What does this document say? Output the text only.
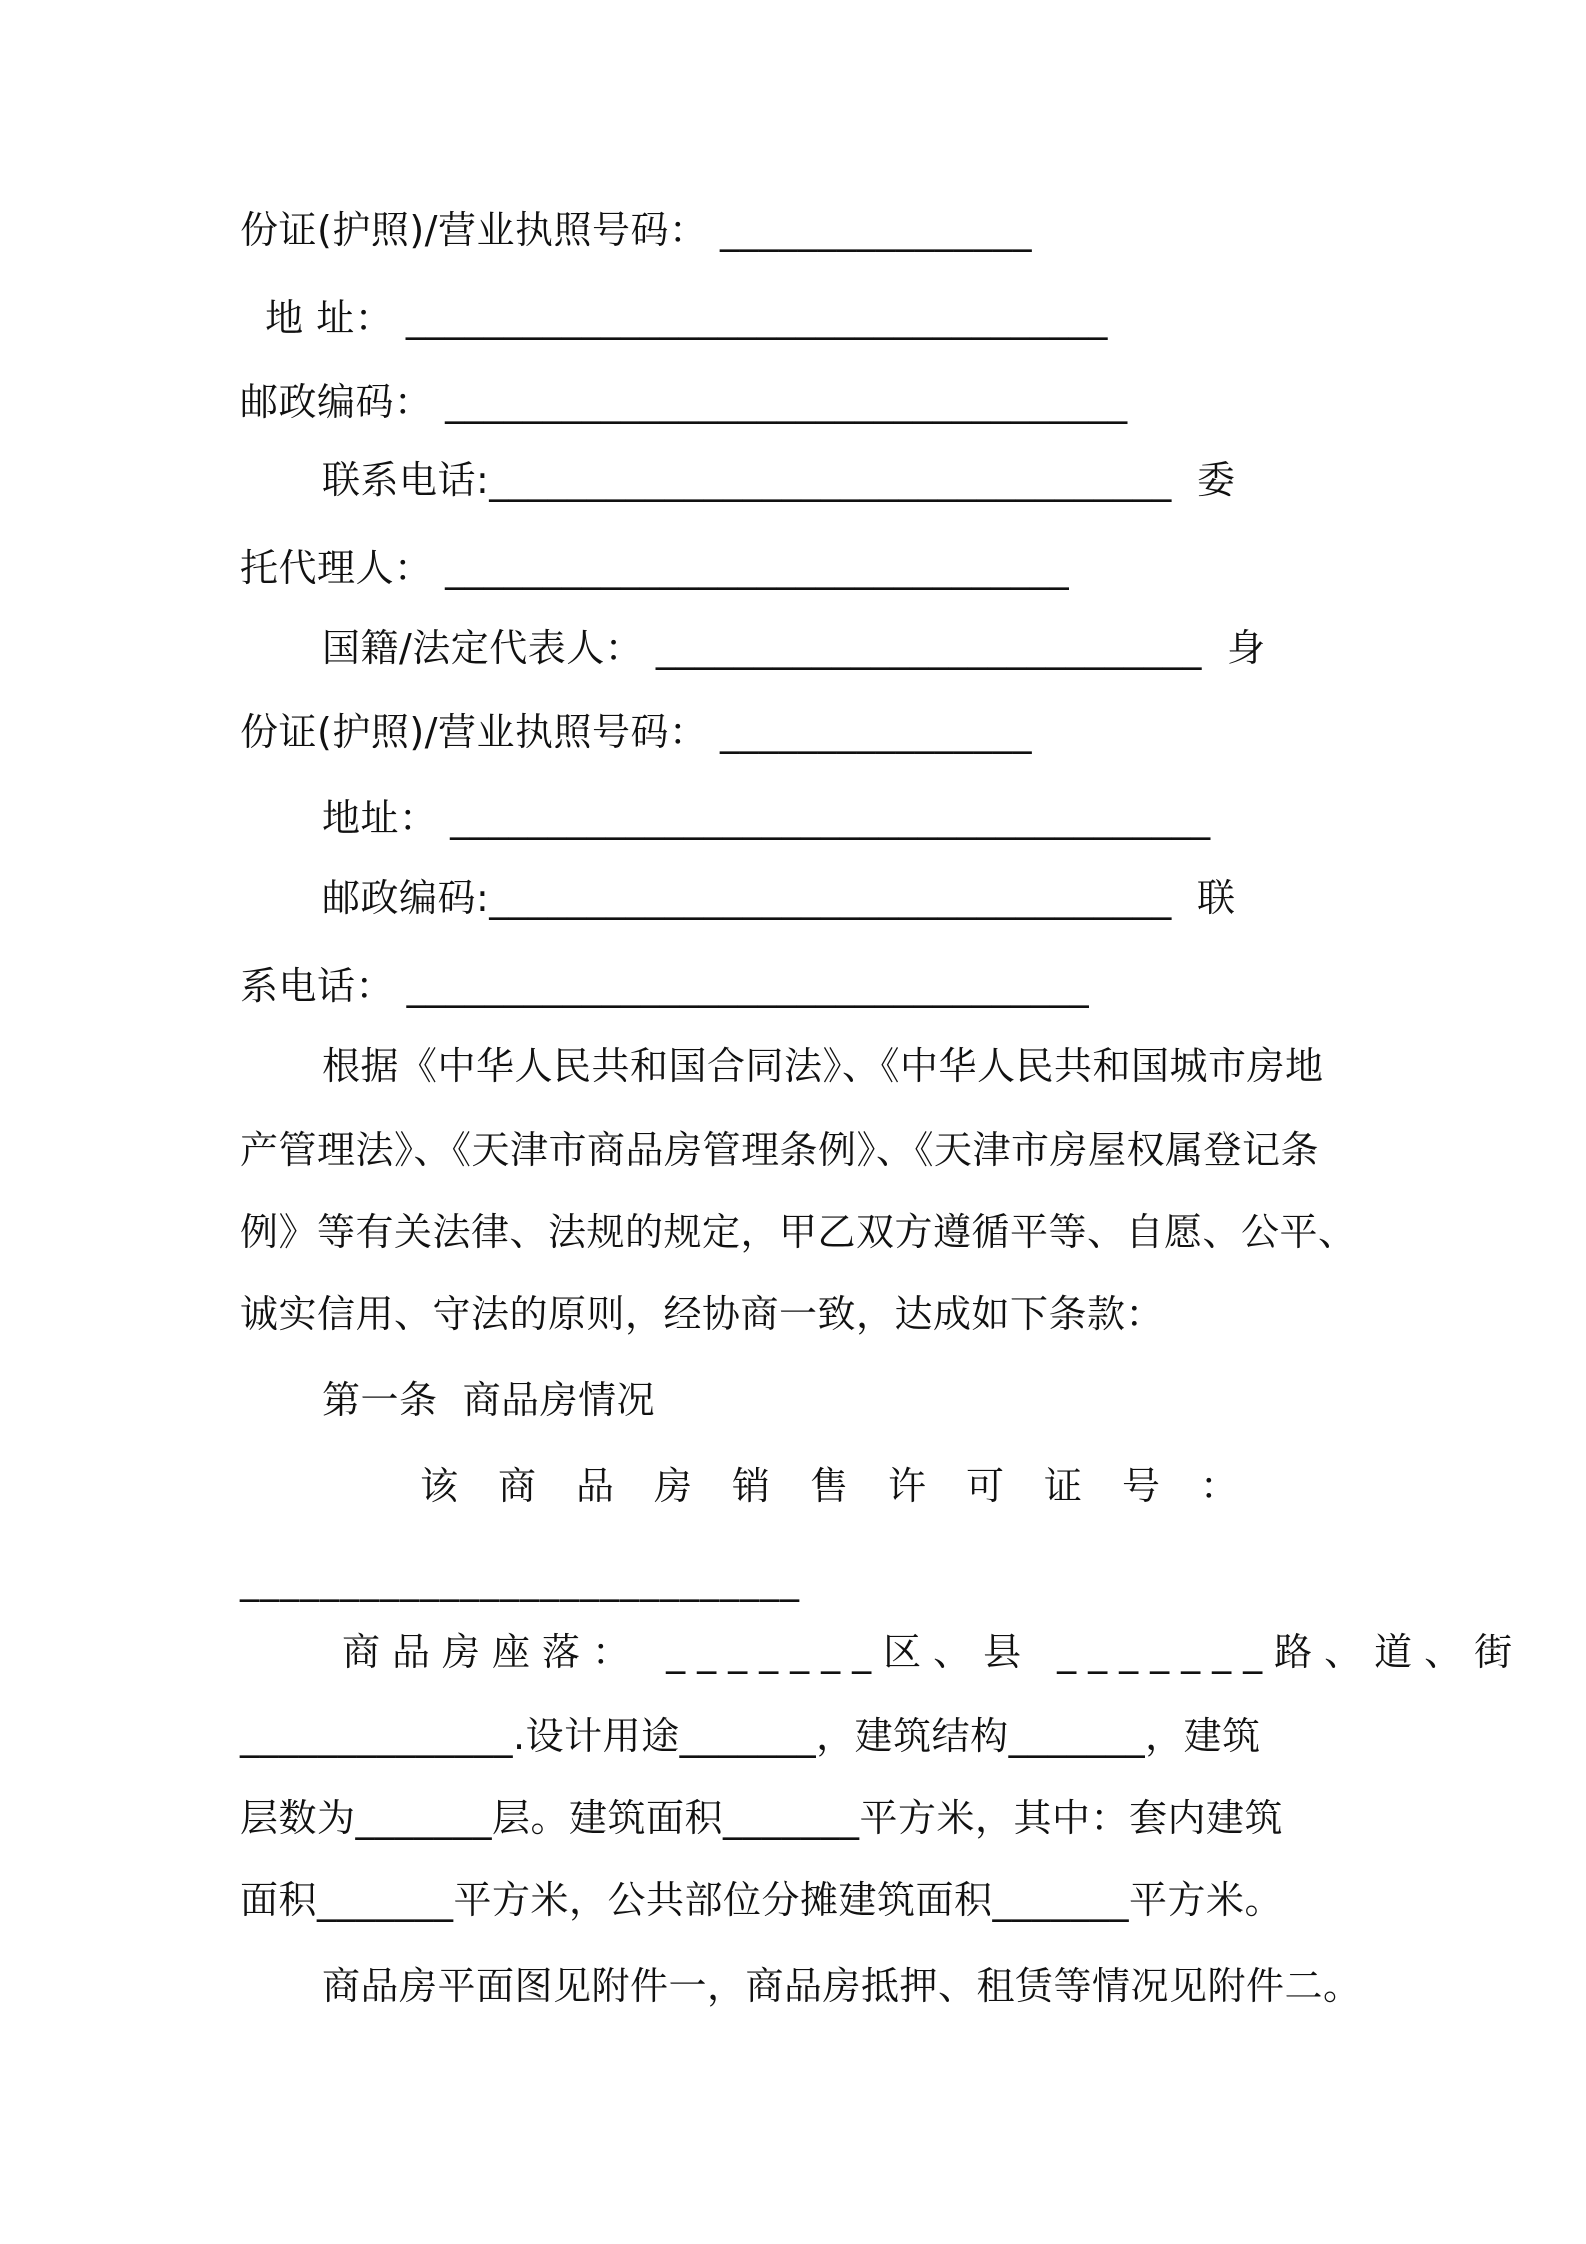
份证(护照)/营业执照号码： ________________
地 址： ____________________________________
邮政编码： ___________________________________
联系电话:___________________________________  委
托代理人： ________________________________
国籍/法定代表人： ____________________________  身
份证(护照)/营业执照号码： ________________
地址： _______________________________________
邮政编码:___________________________________  联
系电话： ___________________________________
根据《中华人民共和国合同法》、《中华人民共和国城市房地
产管理法》、《天津市商品房管理条例》、《天津市房屋权属登记条
例》等有关法律、法规的规定，甲乙双方遵循平等、自愿、公平、
诚实信用、守法的原则，经协商一致，达成如下条款：
第一条  商品房情况
该商品房销售许可证号：
____________________________
商品房座落： _______区、县 _______路、道、街
______________.设计用途_______，建筑结构_______，建筑
层数为_______层。建筑面积_______平方米，其中：套内建筑
面积_______平方米，公共部位分摊建筑面积_______平方米。
商品房平面图见附件一，商品房抵押、租赁等情况见附件二。
